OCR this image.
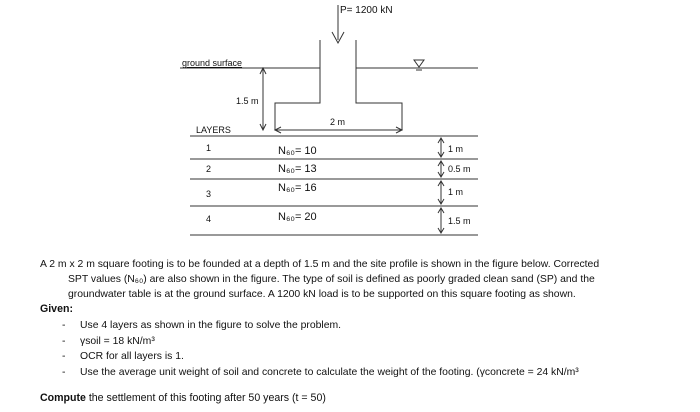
P= 1200 kN
ground surface
1.5 m
2 m
LAYERS
1
2
3
4
N₆₀= 10
N₆₀= 13
N₆₀= 16
N₆₀= 20
1 m
0.5 m
1 m
1.5 m

A 2 m x 2 m square footing is to be founded at a depth of 1.5 m and the site profile is shown in the figure below. Corrected

SPT values (N₆₀) are also shown in the figure. The type of soil is defined as poorly graded clean sand (SP) and the

groundwater table is at the ground surface. A 1200 kN load is to be supported on this square footing as shown.

Given:
- Use 4 layers as shown in the figure to solve the problem.
- γsoil = 18 kN/m³
- OCR for all layers is 1.
- Use the average unit weight of soil and concrete to calculate the weight of the footing. (γconcrete = 24 kN/m³
Compute the settlement of this footing after 50 years (t = 50)
